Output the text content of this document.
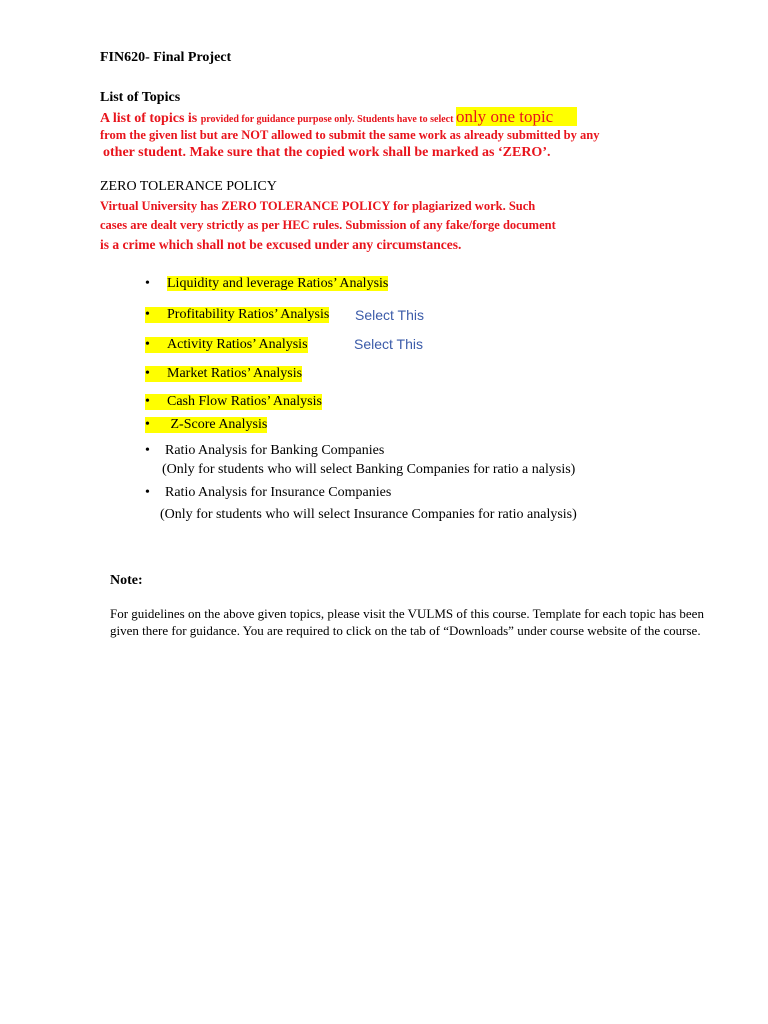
FIN620- Final Project
List of Topics
A list of topics is provided for guidance purpose only. Students have to select only one topic
from the given list but are NOT allowed to submit the same work as already submitted by any
other student. Make sure that the copied work shall be marked as ‘ZERO’.
ZERO TOLERANCE POLICY
Virtual University has ZERO TOLERANCE POLICY for plagiarized work. Such
cases are dealt very strictly as per HEC rules. Submission of any fake/forge document
is a crime which shall not be excused under any circumstances.
• Liquidity and leverage Ratios’ Analysis
• Profitability Ratios’ Analysis Select This
• Activity Ratios’ Analysis	Select This
• Market Ratios’ Analysis
• Cash Flow Ratios’ Analysis
• Z-Score Analysis
• Ratio Analysis for Banking Companies
(Only for students who will select Banking Companies for ratio a nalysis)
• Ratio Analysis for Insurance Companies
(Only for students who will select Insurance Companies for ratio analysis)
Note:
For guidelines on the above given topics, please visit the VULMS of this course. Template for each topic has been given there for guidance. You are required to click on the tab of “Downloads” under course website of the course.
